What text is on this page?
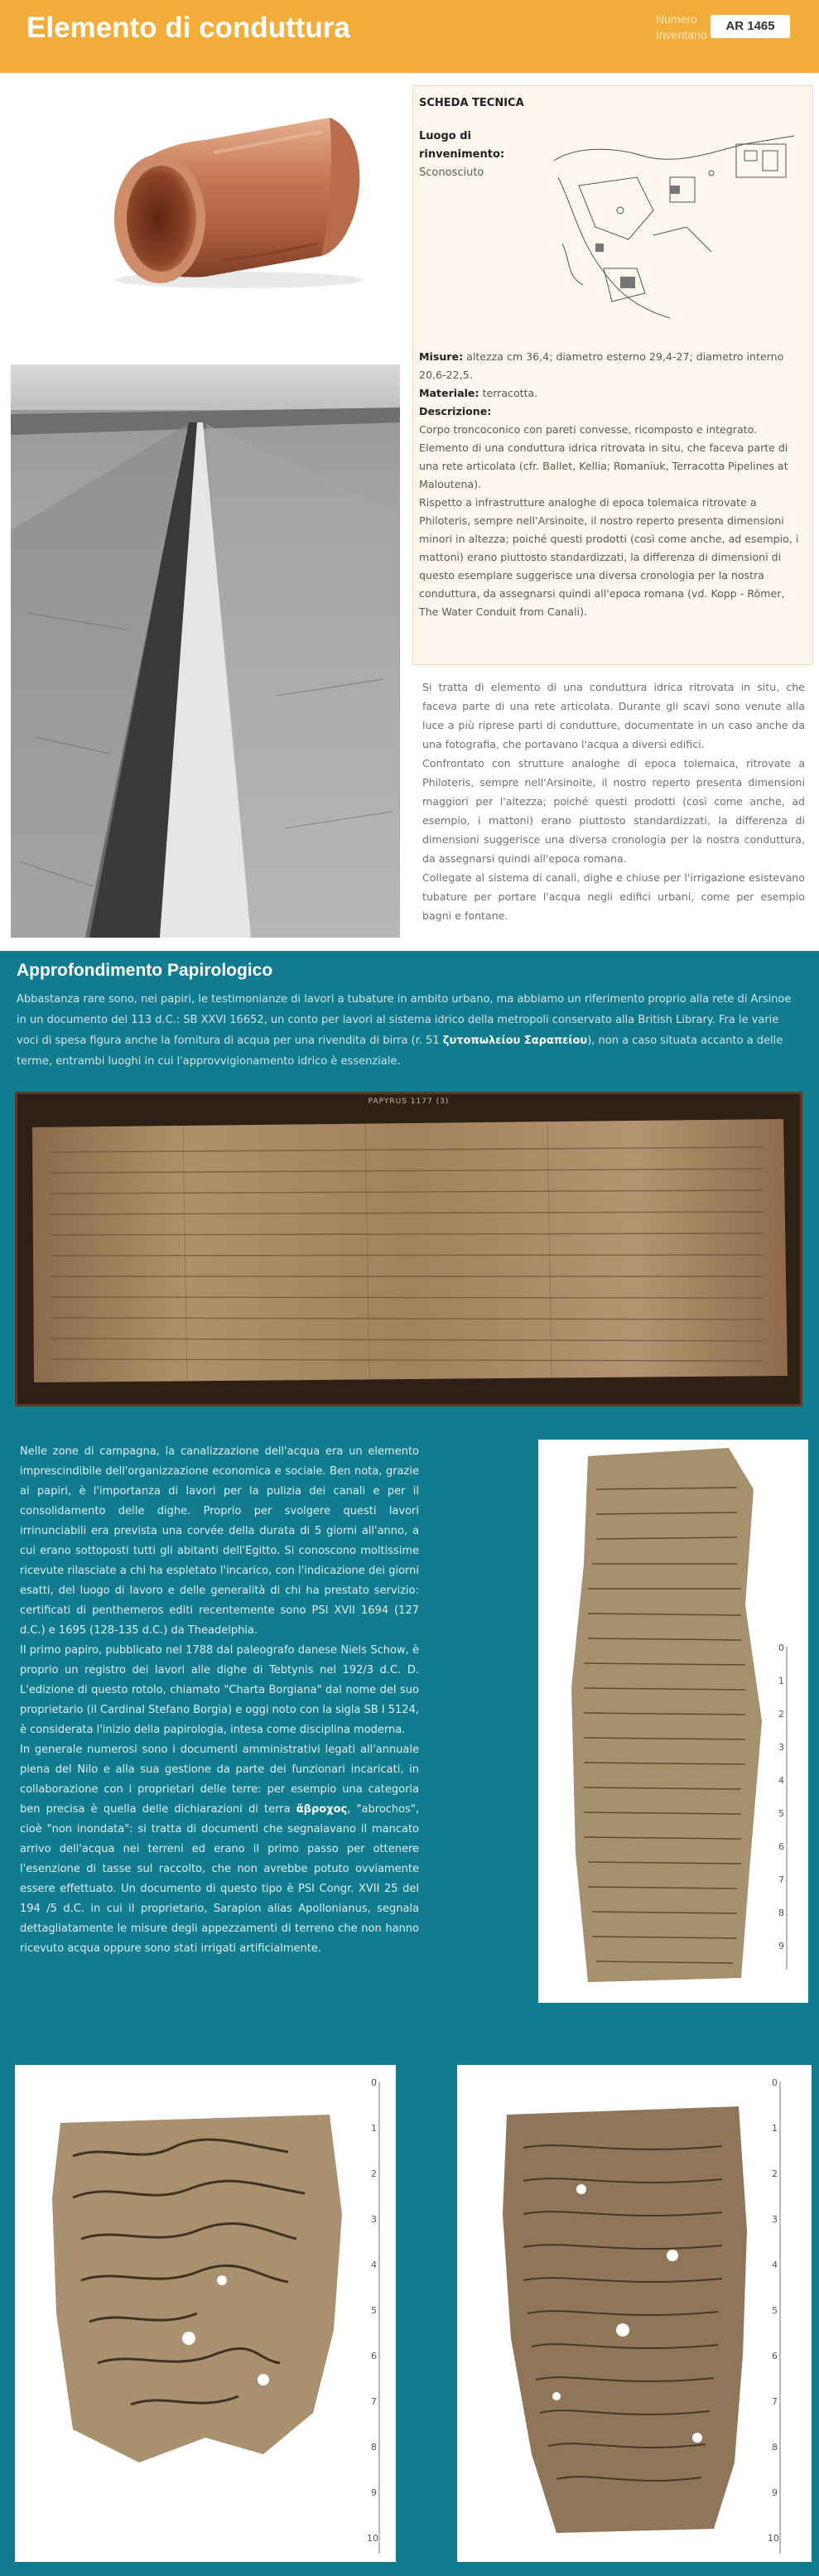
Elemento di conduttura	Numero
Inventario
AR 1465
SCHEDA TECNICA
Luogo di rinvenimento:
Sconosciuto
Misure: altezza cm 36,4; diametro esterno 29,4-27; diametro interno 20,6-22,5.
Materiale: terracotta.
Descrizione:
Corpo troncoconico con pareti convesse, ricomposto e integrato. Elemento di una conduttura idrica ritrovata in situ, che faceva parte di una rete articolata (cfr. Ballet, Kellia; Romaniuk, Terracotta Pipelines at Maloutena).
Rispetto a infrastrutture analoghe di epoca tolemaica ritrovate a Philoteris, sempre nell'Arsinoite, il nostro reperto presenta dimensioni minori in altezza; poiché questi prodotti (così come anche, ad esempio, i mattoni) erano piuttosto standardizzati, la differenza di dimensioni di questo esemplare suggerisce una diversa cronologia per la nostra conduttura, da assegnarsi quindi all'epoca romana (vd. Kopp - Römer, The Water Conduit from Canali).

Si tratta di elemento di una conduttura idrica ritrovata in situ, che faceva parte di una rete articolata. Durante gli scavi sono venute alla luce a più riprese parti di condutture, documentate in un caso anche da una fotografia, che portavano l'acqua a diversi edifici.

Confrontato con strutture analoghe di epoca tolemaica, ritrovate a Philoteris, sempre nell'Arsinoite, il nostro reperto presenta dimensioni maggiori per l'altezza; poiché questi prodotti (così come anche, ad esempio, i mattoni) erano piuttosto standardizzati, la differenza di dimensioni suggerisce una diversa cronologia per la nostra conduttura, da assegnarsi quindi all'epoca romana.

Collegate al sistema di canali, dighe e chiuse per l'irrigazione esistevano tubature per portare l'acqua negli edifici urbani, come per esempio bagni e fontane.

Approfondimento Papirologico

Abbastanza rare sono, nei papiri, le testimonianze di lavori a tubature in ambito urbano, ma abbiamo un riferimento proprio alla rete di Arsinoe in un documento del 113 d.C.: SB XXVI 16652, un conto per lavori al sistema idrico della metropoli conservato alla British Library. Fra le varie voci di spesa figura anche la fornitura di acqua per una rivendita di birra (r. 51 ζυτοπωλείου Σαραπείου), non a caso situata accanto a delle terme, entrambi luoghi in cui l'approvvigionamento idrico è essenziale.

PAPYRUS 1177 (3)

Nelle zone di campagna, la canalizzazione dell'acqua era un elemento imprescindibile dell'organizzazione economica e sociale. Ben nota, grazie ai papiri, è l'importanza di lavori per la pulizia dei canali e per il consolidamento delle dighe. Proprio per svolgere questi lavori irrinunciabili era prevista una corvée della durata di 5 giorni all'anno, a cui erano sottoposti tutti gli abitanti dell'Egitto. Si conoscono moltissime ricevute rilasciate a chi ha espletato l'incarico, con l'indicazione dei giorni esatti, del luogo di lavoro e delle generalità di chi ha prestato servizio: certificati di penthemeros editi recentemente sono PSI XVII 1694 (127 d.C.) e 1695 (128-135 d.C.) da Theadelphia.

Il primo papiro, pubblicato nel 1788 dal paleografo danese Niels Schow, è proprio un registro dei lavori alle dighe di Tebtynis nel 192/3 d.C. D. L'edizione di questo rotolo, chiamato "Charta Borgiana" dal nome del suo proprietario (il Cardinal Stefano Borgia) e oggi noto con la sigla SB I 5124, è considerata l'inizio della papirologia, intesa come disciplina moderna.

In generale numerosi sono i documenti amministrativi legati all'annuale piena del Nilo e alla sua gestione da parte dei funzionari incaricati, in collaborazione con i proprietari delle terre: per esempio una categoria ben precisa è quella delle dichiarazioni di terra ἄβροχος, "abrochos", cioè "non inondata": si tratta di documenti che segnalavano il mancato arrivo dell'acqua nei terreni ed erano il primo passo per ottenere l'esenzione di tasse sul raccolto, che non avrebbe potuto ovviamente essere effettuato. Un documento di questo tipo è PSI Congr. XVII 25 del 194 /5 d.C. in cui il proprietario, Sarapion alias Apollonianus, segnala dettagliatamente le misure degli appezzamenti di terreno che non hanno ricevuto acqua oppure sono stati irrigati artificialmente.

0
1
2
3
4
5
6
7
8
9
0
1
2
3
4
5
6
7
8
9
10
0
1
2
3
4
5
6
7
8
9
10
